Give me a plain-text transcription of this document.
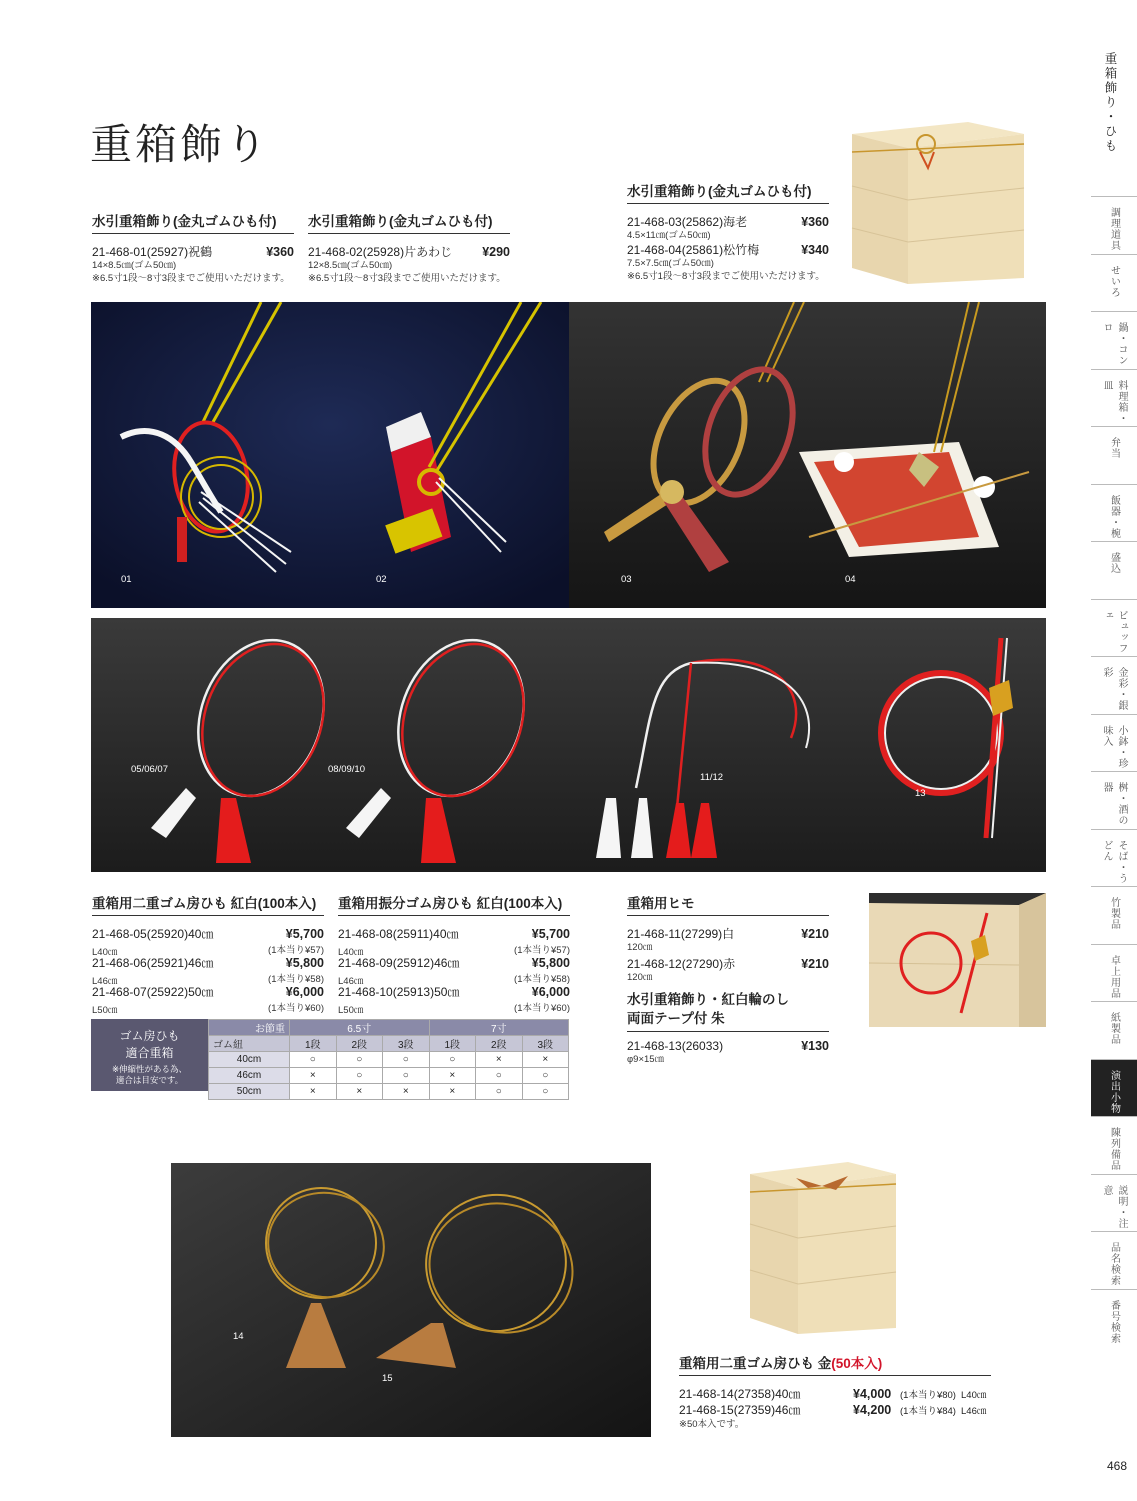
重箱飾り
水引重箱飾り(金丸ゴムひも付)
21-468-01(25927)祝鶴	¥360
14×8.5㎝(ゴム50㎝)
※6.5寸1段～8寸3段までご使用いただけます。
水引重箱飾り(金丸ゴムひも付)
21-468-02(25928)片あわじ ¥290
12×8.5㎝(ゴム50㎝)
※6.5寸1段～8寸3段までご使用いただけます。
水引重箱飾り(金丸ゴムひも付)
21-468-03(25862)海老	¥360
4.5×11㎝(ゴム50㎝)
21-468-04(25861)松竹梅	¥340
7.5×7.5㎝(ゴム50㎝)
※6.5寸1段～8寸3段までご使用いただけます。
01	02	03	04
05/06/07	08/09/10
11/12
13
重箱用二重ゴム房ひも 紅白(100本入)
21-468-05(25920)40㎝	¥5,700
L40㎝	(1本当り¥57)
21-468-06(25921)46㎝	¥5,800
L46㎝	(1本当り¥58)
21-468-07(25922)50㎝	¥6,000
L50㎝	(1本当り¥60)
重箱用振分ゴム房ひも 紅白(100本入)
21-468-08(25911)40㎝	¥5,700
L40㎝	(1本当り¥57)
21-468-09(25912)46㎝	¥5,800
L46㎝	(1本当り¥58)
21-468-10(25913)50㎝	¥6,000
L50㎝	(1本当り¥60)
重箱用ヒモ
21-468-11(27299)白	¥210
120㎝
21-468-12(27290)赤	¥210
120㎝
水引重箱飾り・紅白輪のし
両面テープ付 朱
21-468-13(26033)	¥130
φ9×15㎝
ゴム房ひも
適合重箱
※伸縮性がある為、
適合は目安です。
お節重	6.5寸			7寸		
ゴム紐	1段	2段	3段	1段	2段	3段
40cm	○	○	○	○	×	×
46cm	×	○	○	×	○	○
50cm	×	×	×	×	○	○
14
15
重箱用二重ゴム房ひも 金(50本入)
21-468-14(27358)40㎝	¥4,000 (1本当り¥80) L40㎝
21-468-15(27359)46㎝	¥4,200 (1本当り¥84) L46㎝
※50本入です。
重箱飾り・ひも
調理道具
せいろ
鍋・コンロ
料理箱・皿
弁当
飯器・椀
盛込
ビュッフェ
金彩・銀彩
小鉢・珍味入
桝・酒の器
そば・うどん
竹製品
卓上用品
紙製品
演出小物
陳列備品
説明・注意
品名検索
番号検索
468
